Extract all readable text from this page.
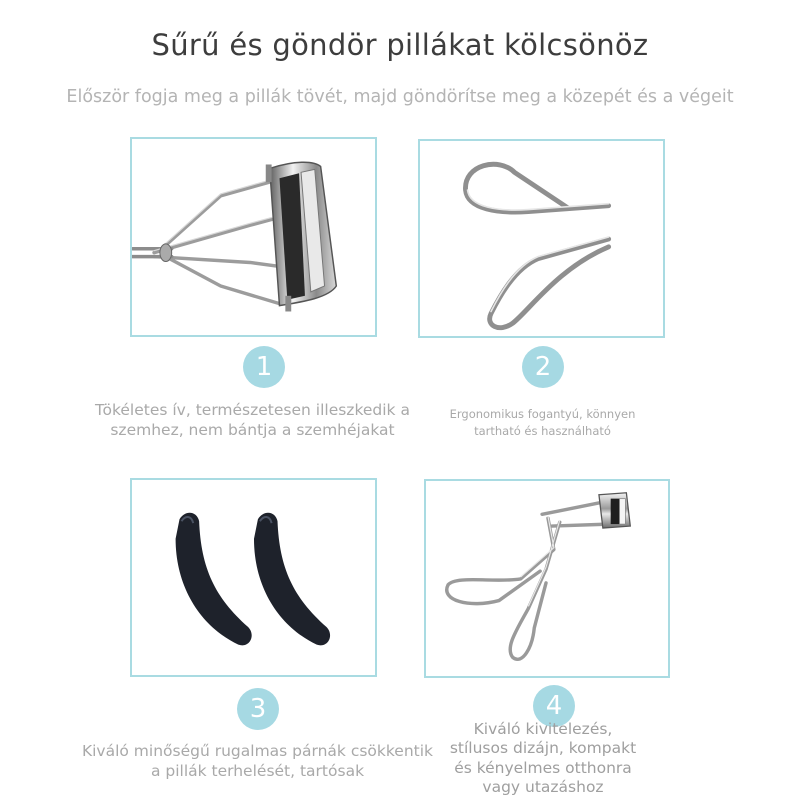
Sűrű és göndör pillákat kölcsönöz
Először fogja meg a pillák tövét, majd göndörítse meg a közepét és a végeit
1
Tökéletes ív, természetesen illeszkedik a
szemhez, nem bántja a szemhéjakat
2
Ergonomikus fogantyú, könnyen
tartható és használható
3
Kiváló minőségű rugalmas párnák csökkentik
a pillák terhelését, tartósak
4
Kiváló kivitelezés,
stílusos dizájn, kompakt
és kényelmes otthonra
vagy utazáshoz
